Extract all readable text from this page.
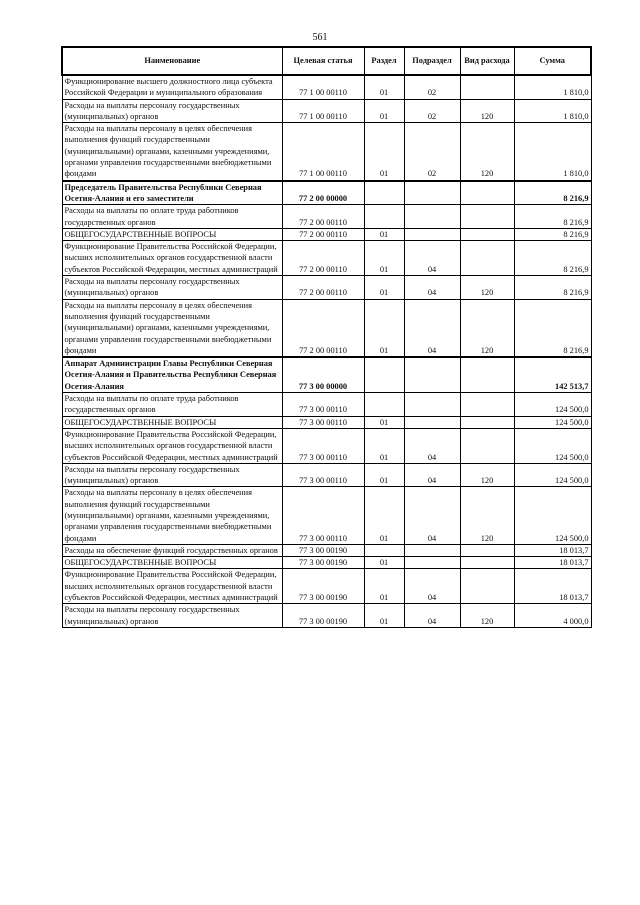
561
Наименование	Целевая статья	Раздел	Подраздел	Вид расхода	Сумма
Функционирование высшего должностного лица субъекта Российской Федерации и муниципального образования	77 1 00 00110	01	02		1 810,0
Расходы на выплаты персоналу государственных (муниципальных) органов	77 1 00 00110	01	02	120	1 810,0
Расходы на выплаты персоналу в целях обеспечения выполнения функций государственными (муниципальными) органами, казенными учреждениями, органами управления государственными внебюджетными фондами	77 1 00 00110	01	02	120	1 810,0
Председатель Правительства Республики Северная Осетия-Алания и его заместители	77 2 00 00000				8 216,9
Расходы на выплаты по оплате труда работников государственных органов	77 2 00 00110				8 216,9
ОБЩЕГОСУДАРСТВЕННЫЕ ВОПРОСЫ	77 2 00 00110	01			8 216,9
Функционирование Правительства Российской Федерации, высших исполнительных органов государственной власти субъектов Российской Федерации, местных администраций	77 2 00 00110	01	04		8 216,9
Расходы на выплаты персоналу государственных (муниципальных) органов	77 2 00 00110	01	04	120	8 216,9
Расходы на выплаты персоналу в целях обеспечения выполнения функций государственными (муниципальными) органами, казенными учреждениями, органами управления государственными внебюджетными фондами	77 2 00 00110	01	04	120	8 216,9
Аппарат Администрации Главы Республики Северная Осетия-Алания и Правительства Республики Северная Осетия-Алания	77 3 00 00000				142 513,7
Расходы на выплаты по оплате труда работников государственных органов	77 3 00 00110				124 500,0
ОБЩЕГОСУДАРСТВЕННЫЕ ВОПРОСЫ	77 3 00 00110	01			124 500,0
Функционирование Правительства Российской Федерации, высших исполнительных органов государственной власти субъектов Российской Федерации, местных администраций	77 3 00 00110	01	04		124 500,0
Расходы на выплаты персоналу государственных (муниципальных) органов	77 3 00 00110	01	04	120	124 500,0
Расходы на выплаты персоналу в целях обеспечения выполнения функций государственными (муниципальными) органами, казенными учреждениями, органами управления государственными внебюджетными фондами	77 3 00 00110	01	04	120	124 500,0
Расходы на обеспечение функций государственных органов	77 3 00 00190				18 013,7
ОБЩЕГОСУДАРСТВЕННЫЕ ВОПРОСЫ	77 3 00 00190	01			18 013,7
Функционирование Правительства Российской Федерации, высших исполнительных органов государственной власти субъектов Российской Федерации, местных администраций	77 3 00 00190	01	04		18 013,7
Расходы на выплаты персоналу государственных (муниципальных) органов	77 3 00 00190	01	04	120	4 000,0
